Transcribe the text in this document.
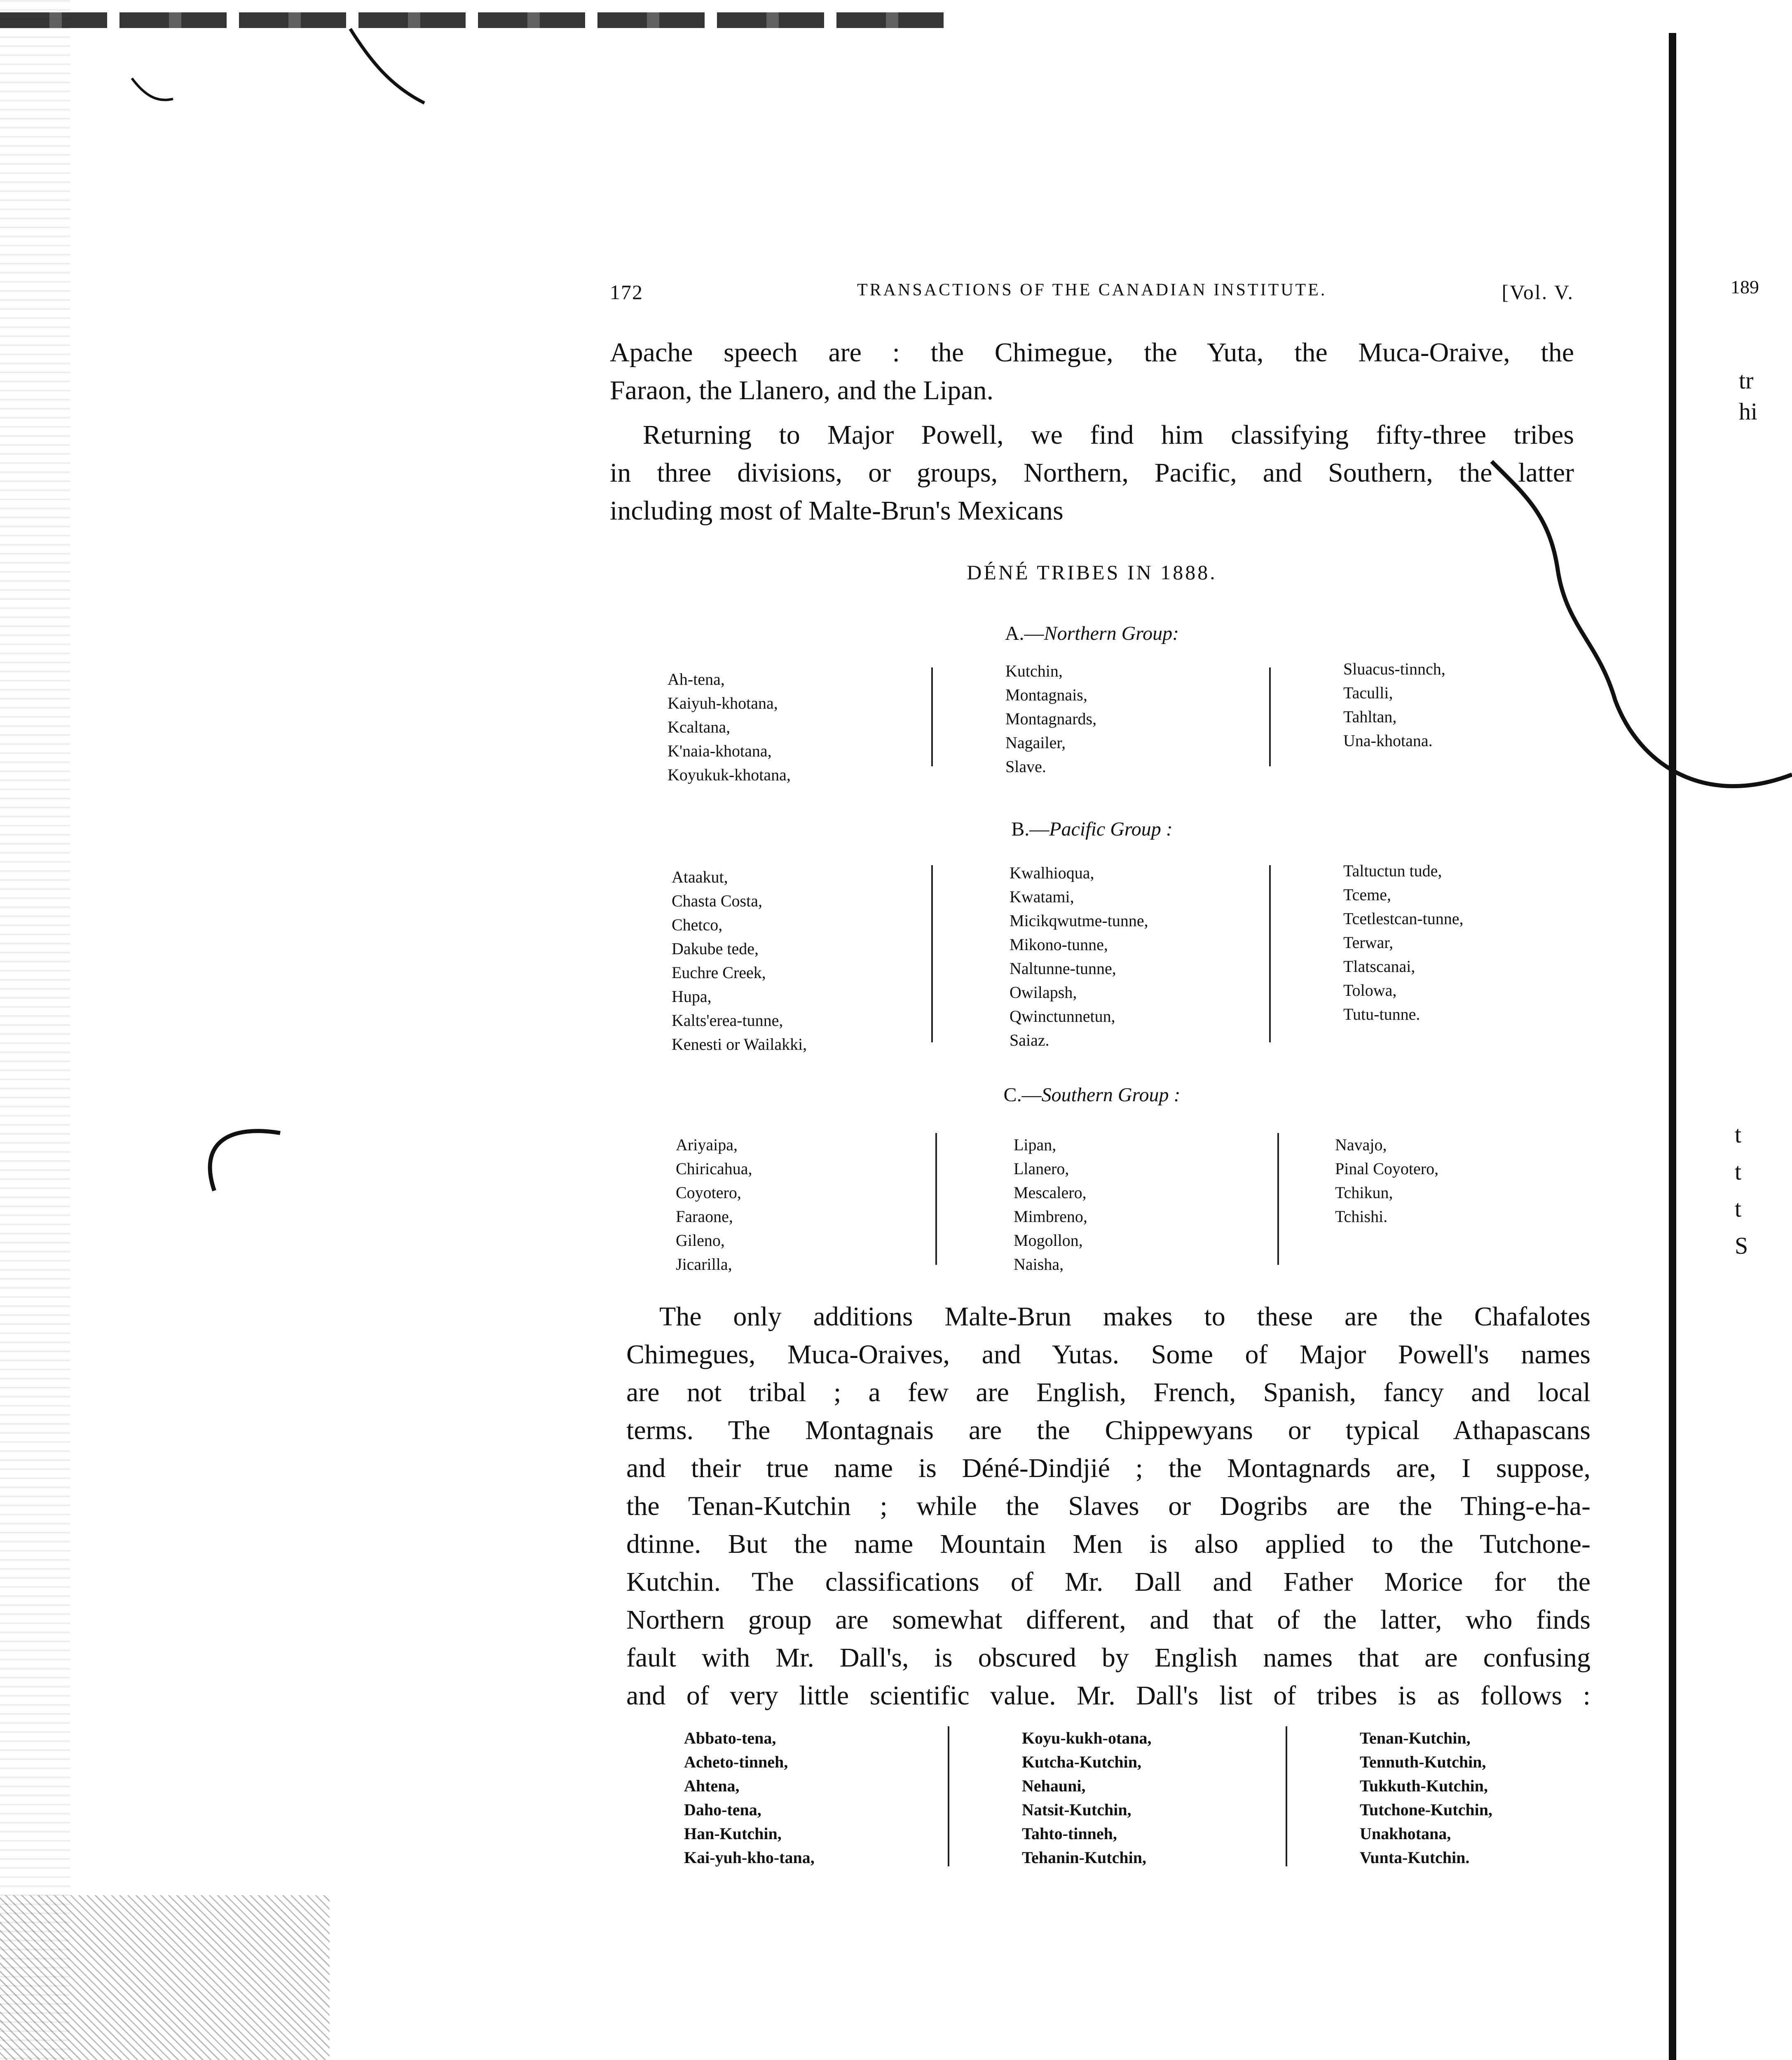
189
tr
hi
t
t
t
S
172	TRANSACTIONS OF THE CANADIAN INSTITUTE.	[Vol. V.
Apache speech are : the Chimegue, the Yuta, the Muca-Oraive, the
Faraon, the Llanero, and the Lipan.
Returning to Major Powell, we find him classifying fifty-three tribes
in three divisions, or groups, Northern, Pacific, and Southern, the latter
including most of Malte-Brun's Mexicans
DÉNÉ TRIBES IN 1888.
A.—Northern Group:
Ah-tena,
Kaiyuh-khotana,
Kcaltana,
K'naia-khotana,
Koyukuk-khotana,
Kutchin,
Montagnais,
Montagnards,
Nagailer,
Slave.
Sluacus-tinnch,
Taculli,
Tahltan,
Una-khotana.
B.—Pacific Group :
Ataakut,
Chasta Costa,
Chetco,
Dakube tede,
Euchre Creek,
Hupa,
Kalts'erea-tunne,
Kenesti or Wailakki,
Kwalhioqua,
Kwatami,
Micikqwutme-tunne,
Mikono-tunne,
Naltunne-tunne,
Owilapsh,
Qwinctunnetun,
Saiaz.
Taltuctun tude,
Tceme,
Tcetlestcan-tunne,
Terwar,
Tlatscanai,
Tolowa,
Tutu-tunne.
C.—Southern Group :
Ariyaipa,
Chiricahua,
Coyotero,
Faraone,
Gileno,
Jicarilla,
Lipan,
Llanero,
Mescalero,
Mimbreno,
Mogollon,
Naisha,
Navajo,
Pinal Coyotero,
Tchikun,
Tchishi.
The only additions Malte-Brun makes to these are the Chafalotes
Chimegues, Muca-Oraives, and Yutas. Some of Major Powell's names
are not tribal ; a few are English, French, Spanish, fancy and local
terms. The Montagnais are the Chippewyans or typical Athapascans
and their true name is Déné-Dindjié ; the Montagnards are, I suppose,
the Tenan-Kutchin ; while the Slaves or Dogribs are the Thing-e-ha-
dtinne. But the name Mountain Men is also applied to the Tutchone-
Kutchin. The classifications of Mr. Dall and Father Morice for the
Northern group are somewhat different, and that of the latter, who finds
fault with Mr. Dall's, is obscured by English names that are confusing
and of very little scientific value. Mr. Dall's list of tribes is as follows :
Abbato-tena,
Acheto-tinneh,
Ahtena,
Daho-tena,
Han-Kutchin,
Kai-yuh-kho-tana,
Koyu-kukh-otana,
Kutcha-Kutchin,
Nehauni,
Natsit-Kutchin,
Tahto-tinneh,
Tehanin-Kutchin,
Tenan-Kutchin,
Tennuth-Kutchin,
Tukkuth-Kutchin,
Tutchone-Kutchin,
Unakhotana,
Vunta-Kutchin.
